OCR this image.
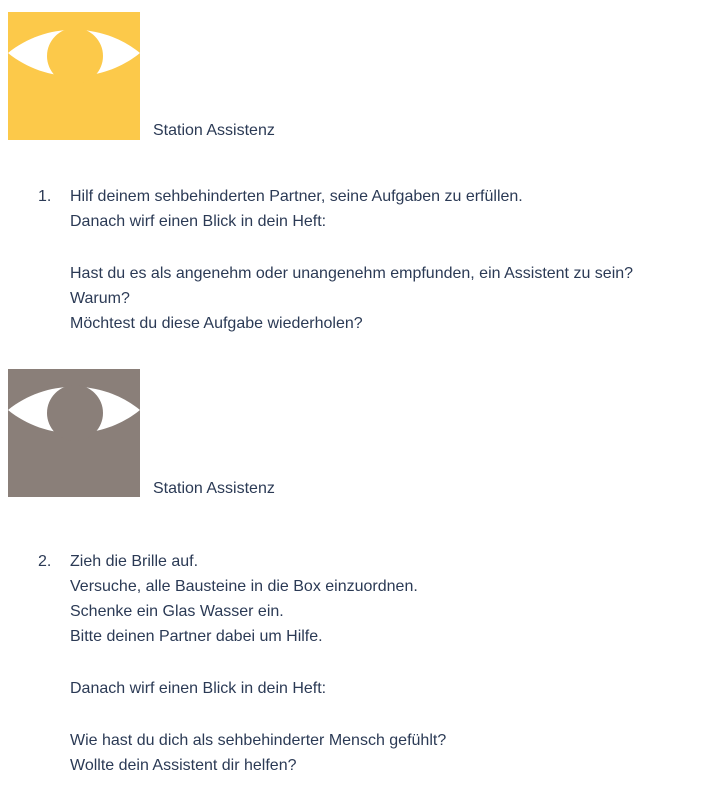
Station Assistenz
1. Hilf deinem sehbehinderten Partner, seine Aufgaben zu erfüllen.
Danach wirf einen Blick in dein Heft:
Hast du es als angenehm oder unangenehm empfunden, ein Assistent zu sein?
Warum?
Möchtest du diese Aufgabe wiederholen?
Station Assistenz
2. Zieh die Brille auf.
Versuche, alle Bausteine in die Box einzuordnen.
Schenke ein Glas Wasser ein.
Bitte deinen Partner dabei um Hilfe.
Danach wirf einen Blick in dein Heft:
Wie hast du dich als sehbehinderter Mensch gefühlt?
Wollte dein Assistent dir helfen?
